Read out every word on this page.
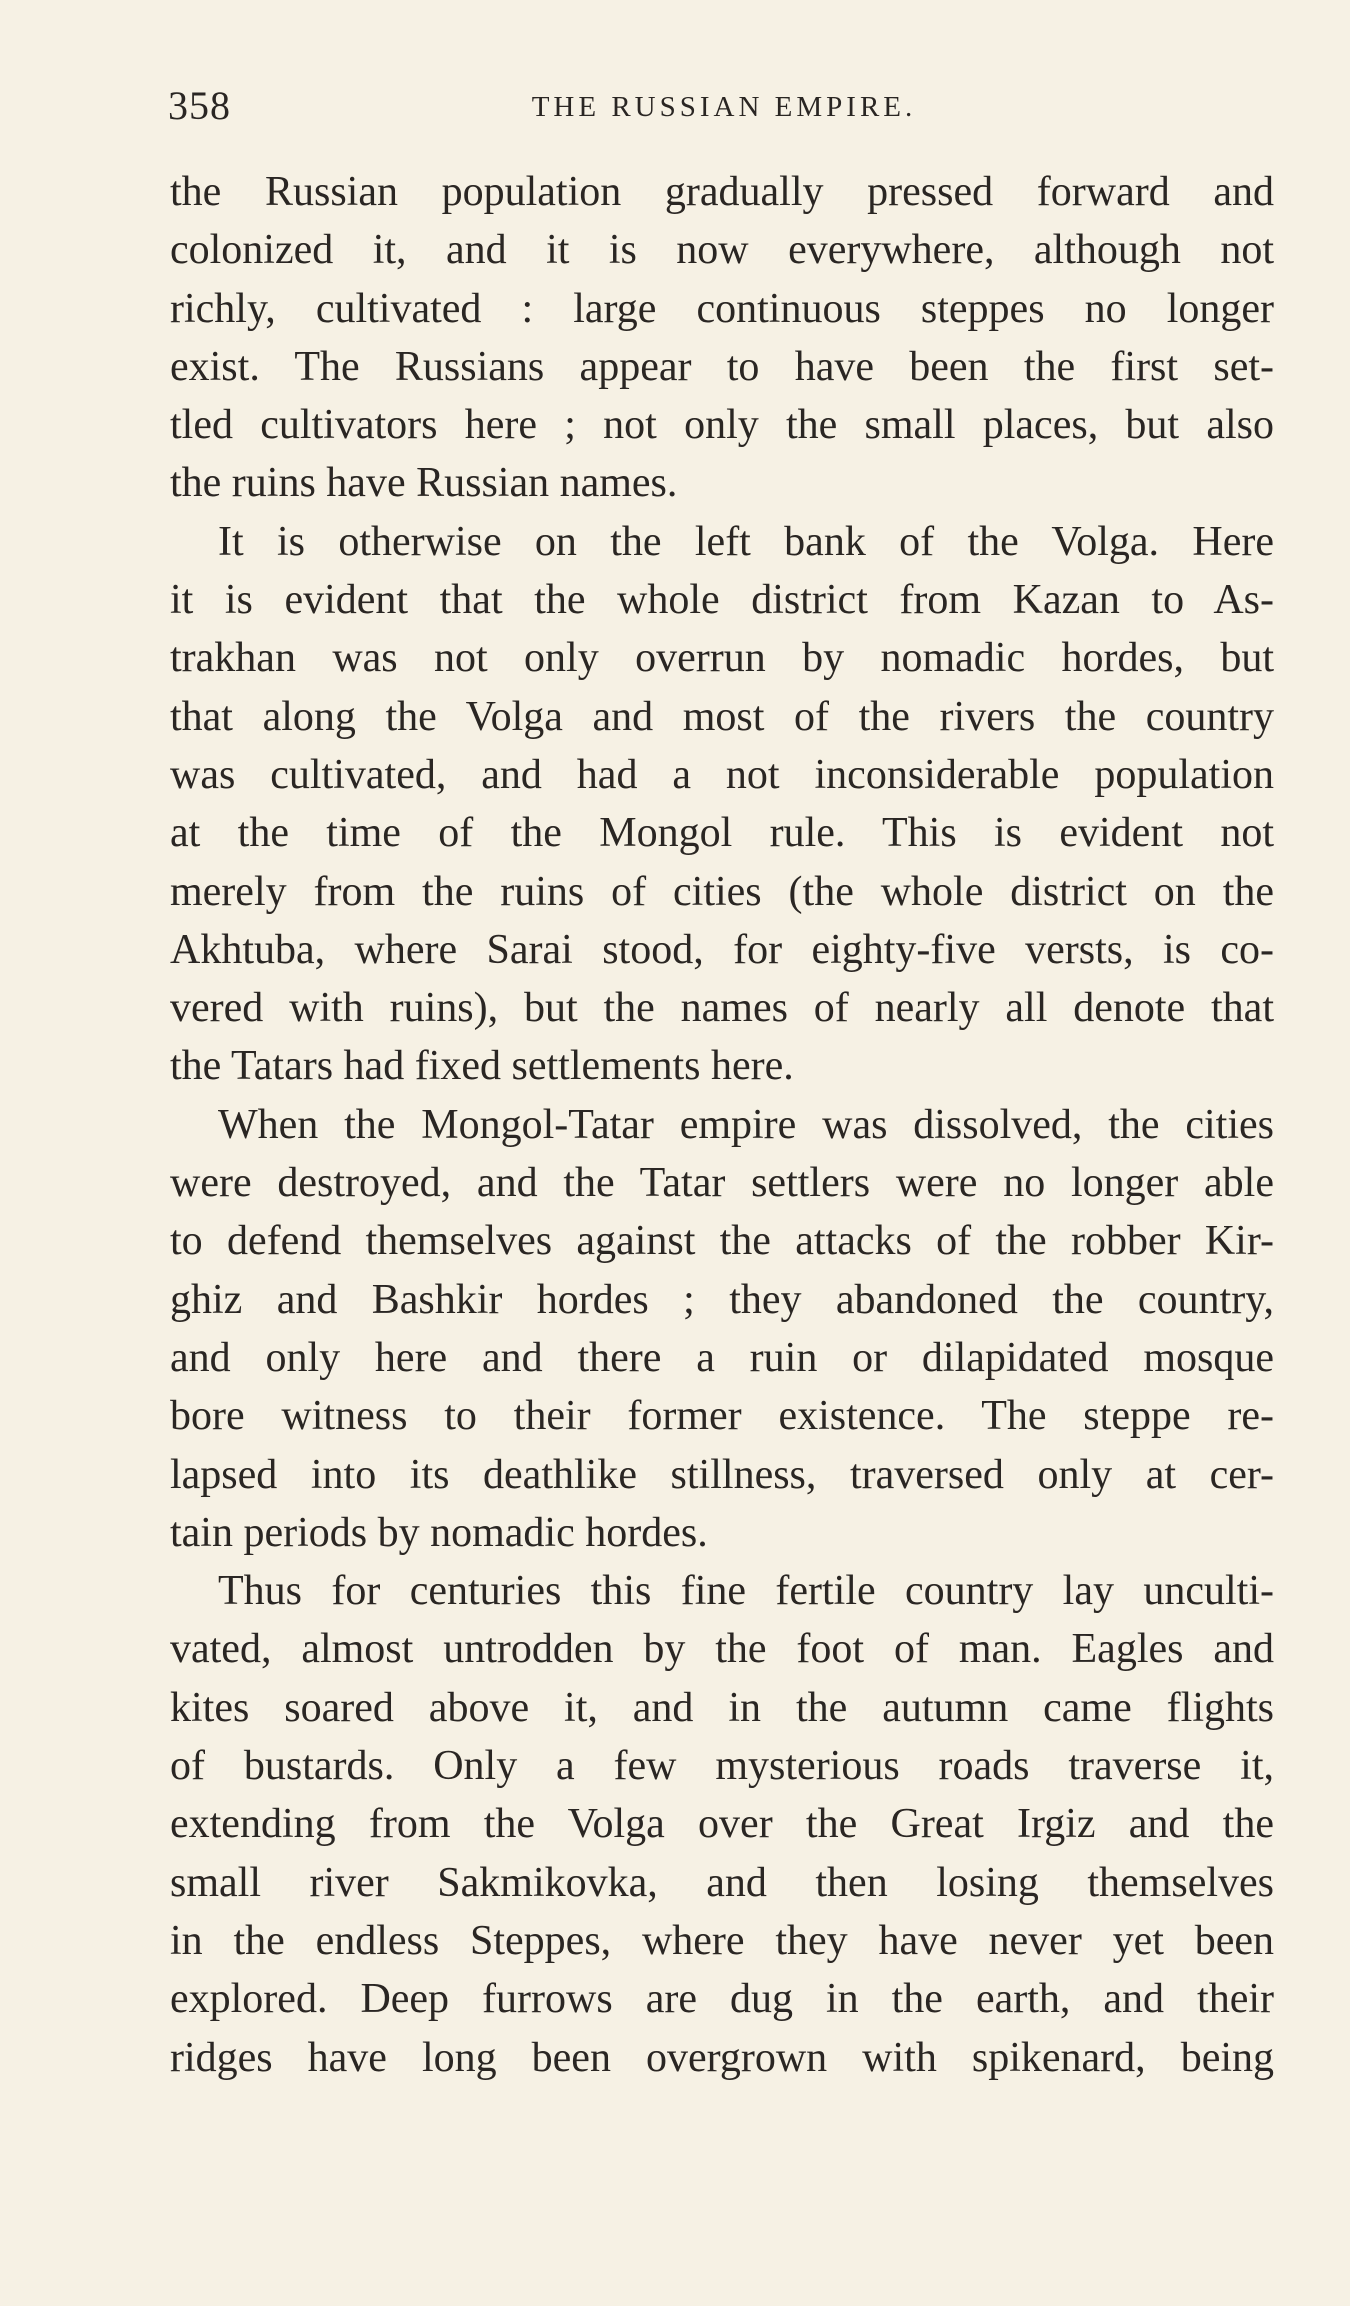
358	THE RUSSIAN EMPIRE.
the Russian population gradually pressed forward and
colonized it, and it is now everywhere, although not
richly, cultivated : large continuous steppes no longer
exist. The Russians appear to have been the first set-
tled cultivators here ; not only the small places, but also
the ruins have Russian names.
It is otherwise on the left bank of the Volga. Here
it is evident that the whole district from Kazan to As-
trakhan was not only overrun by nomadic hordes, but
that along the Volga and most of the rivers the country
was cultivated, and had a not inconsiderable population
at the time of the Mongol rule. This is evident not
merely from the ruins of cities (the whole district on the
Akhtuba, where Sarai stood, for eighty-five versts, is co-
vered with ruins), but the names of nearly all denote that
the Tatars had fixed settlements here.
When the Mongol-Tatar empire was dissolved, the cities
were destroyed, and the Tatar settlers were no longer able
to defend themselves against the attacks of the robber Kir-
ghiz and Bashkir hordes ; they abandoned the country,
and only here and there a ruin or dilapidated mosque
bore witness to their former existence. The steppe re-
lapsed into its deathlike stillness, traversed only at cer-
tain periods by nomadic hordes.
Thus for centuries this fine fertile country lay unculti-
vated, almost untrodden by the foot of man. Eagles and
kites soared above it, and in the autumn came flights
of bustards. Only a few mysterious roads traverse it,
extending from the Volga over the Great Irgiz and the
small river Sakmikovka, and then losing themselves
in the endless Steppes, where they have never yet been
explored. Deep furrows are dug in the earth, and their
ridges have long been overgrown with spikenard, being
